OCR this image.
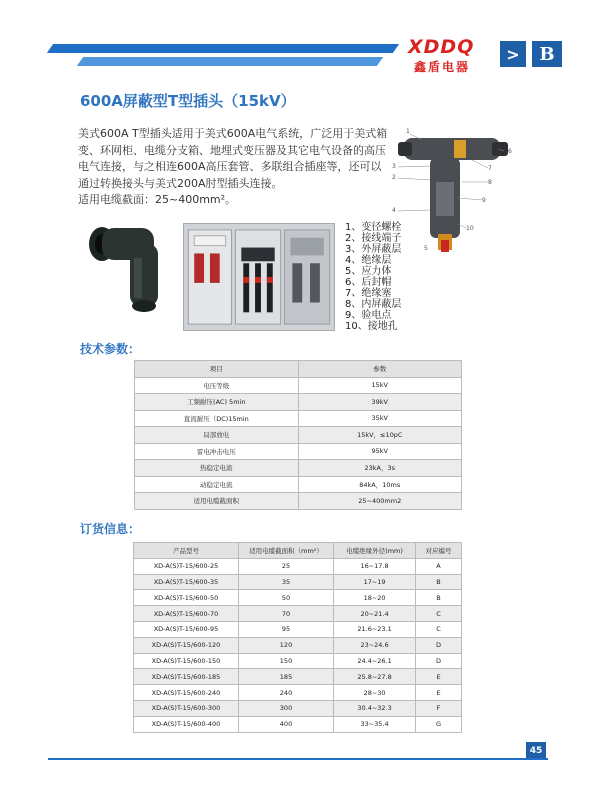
XDDQ
鑫盾电器
>	B
600A屏蔽型T型插头（15kV）

美式600A T型插头适用于美式600A电气系统，广泛用于美式箱

变、环网柜、电缆分支箱、地埋式变压器及其它电气设备的高压

电气连接，与之相连600A高压套管、多联组合插座等，还可以

通过转换接头与美式200A肘型插头连接。

适用电缆截面：25~400mm²。

1
2
3
4
5
6
7
8
9
10
1、变径螺栓
2、接线端子
3、外屏蔽层
4、绝缘层
5、应力体
6、后封帽
7、绝缘塞
8、内屏蔽层
9、验电点
10、接地孔
技术参数：
项目	参数
电压等级	15kV
工频耐压(AC) 5min	39kV
直流耐压（DC)15min	35kV
局部放电	15kV，≤10pC
雷电冲击电压	95kV
热稳定电流	23kA，3s
动稳定电流	84kA，10ms
适用电缆截面积	25~400mm2
订货信息：
产品型号	适用电缆截面积（mm²）	电缆绝缘外径(mm)	对应编号
XD-A(S)T-15/600-25	25	16~17.8	A
XD-A(S)T-15/600-35	35	17~19	B
XD-A(S)T-15/600-50	50	18~20	B
XD-A(S)T-15/600-70	70	20~21.4	C
XD-A(S)T-15/600-95	95	21.6~23.1	C
XD-A(S)T-15/600-120	120	23~24.6	D
XD-A(S)T-15/600-150	150	24.4~26.1	D
XD-A(S)T-15/600-185	185	25.8~27.8	E
XD-A(S)T-15/600-240	240	28~30	E
XD-A(S)T-15/600-300	300	30.4~32.3	F
XD-A(S)T-15/600-400	400	33~35.4	G
45
